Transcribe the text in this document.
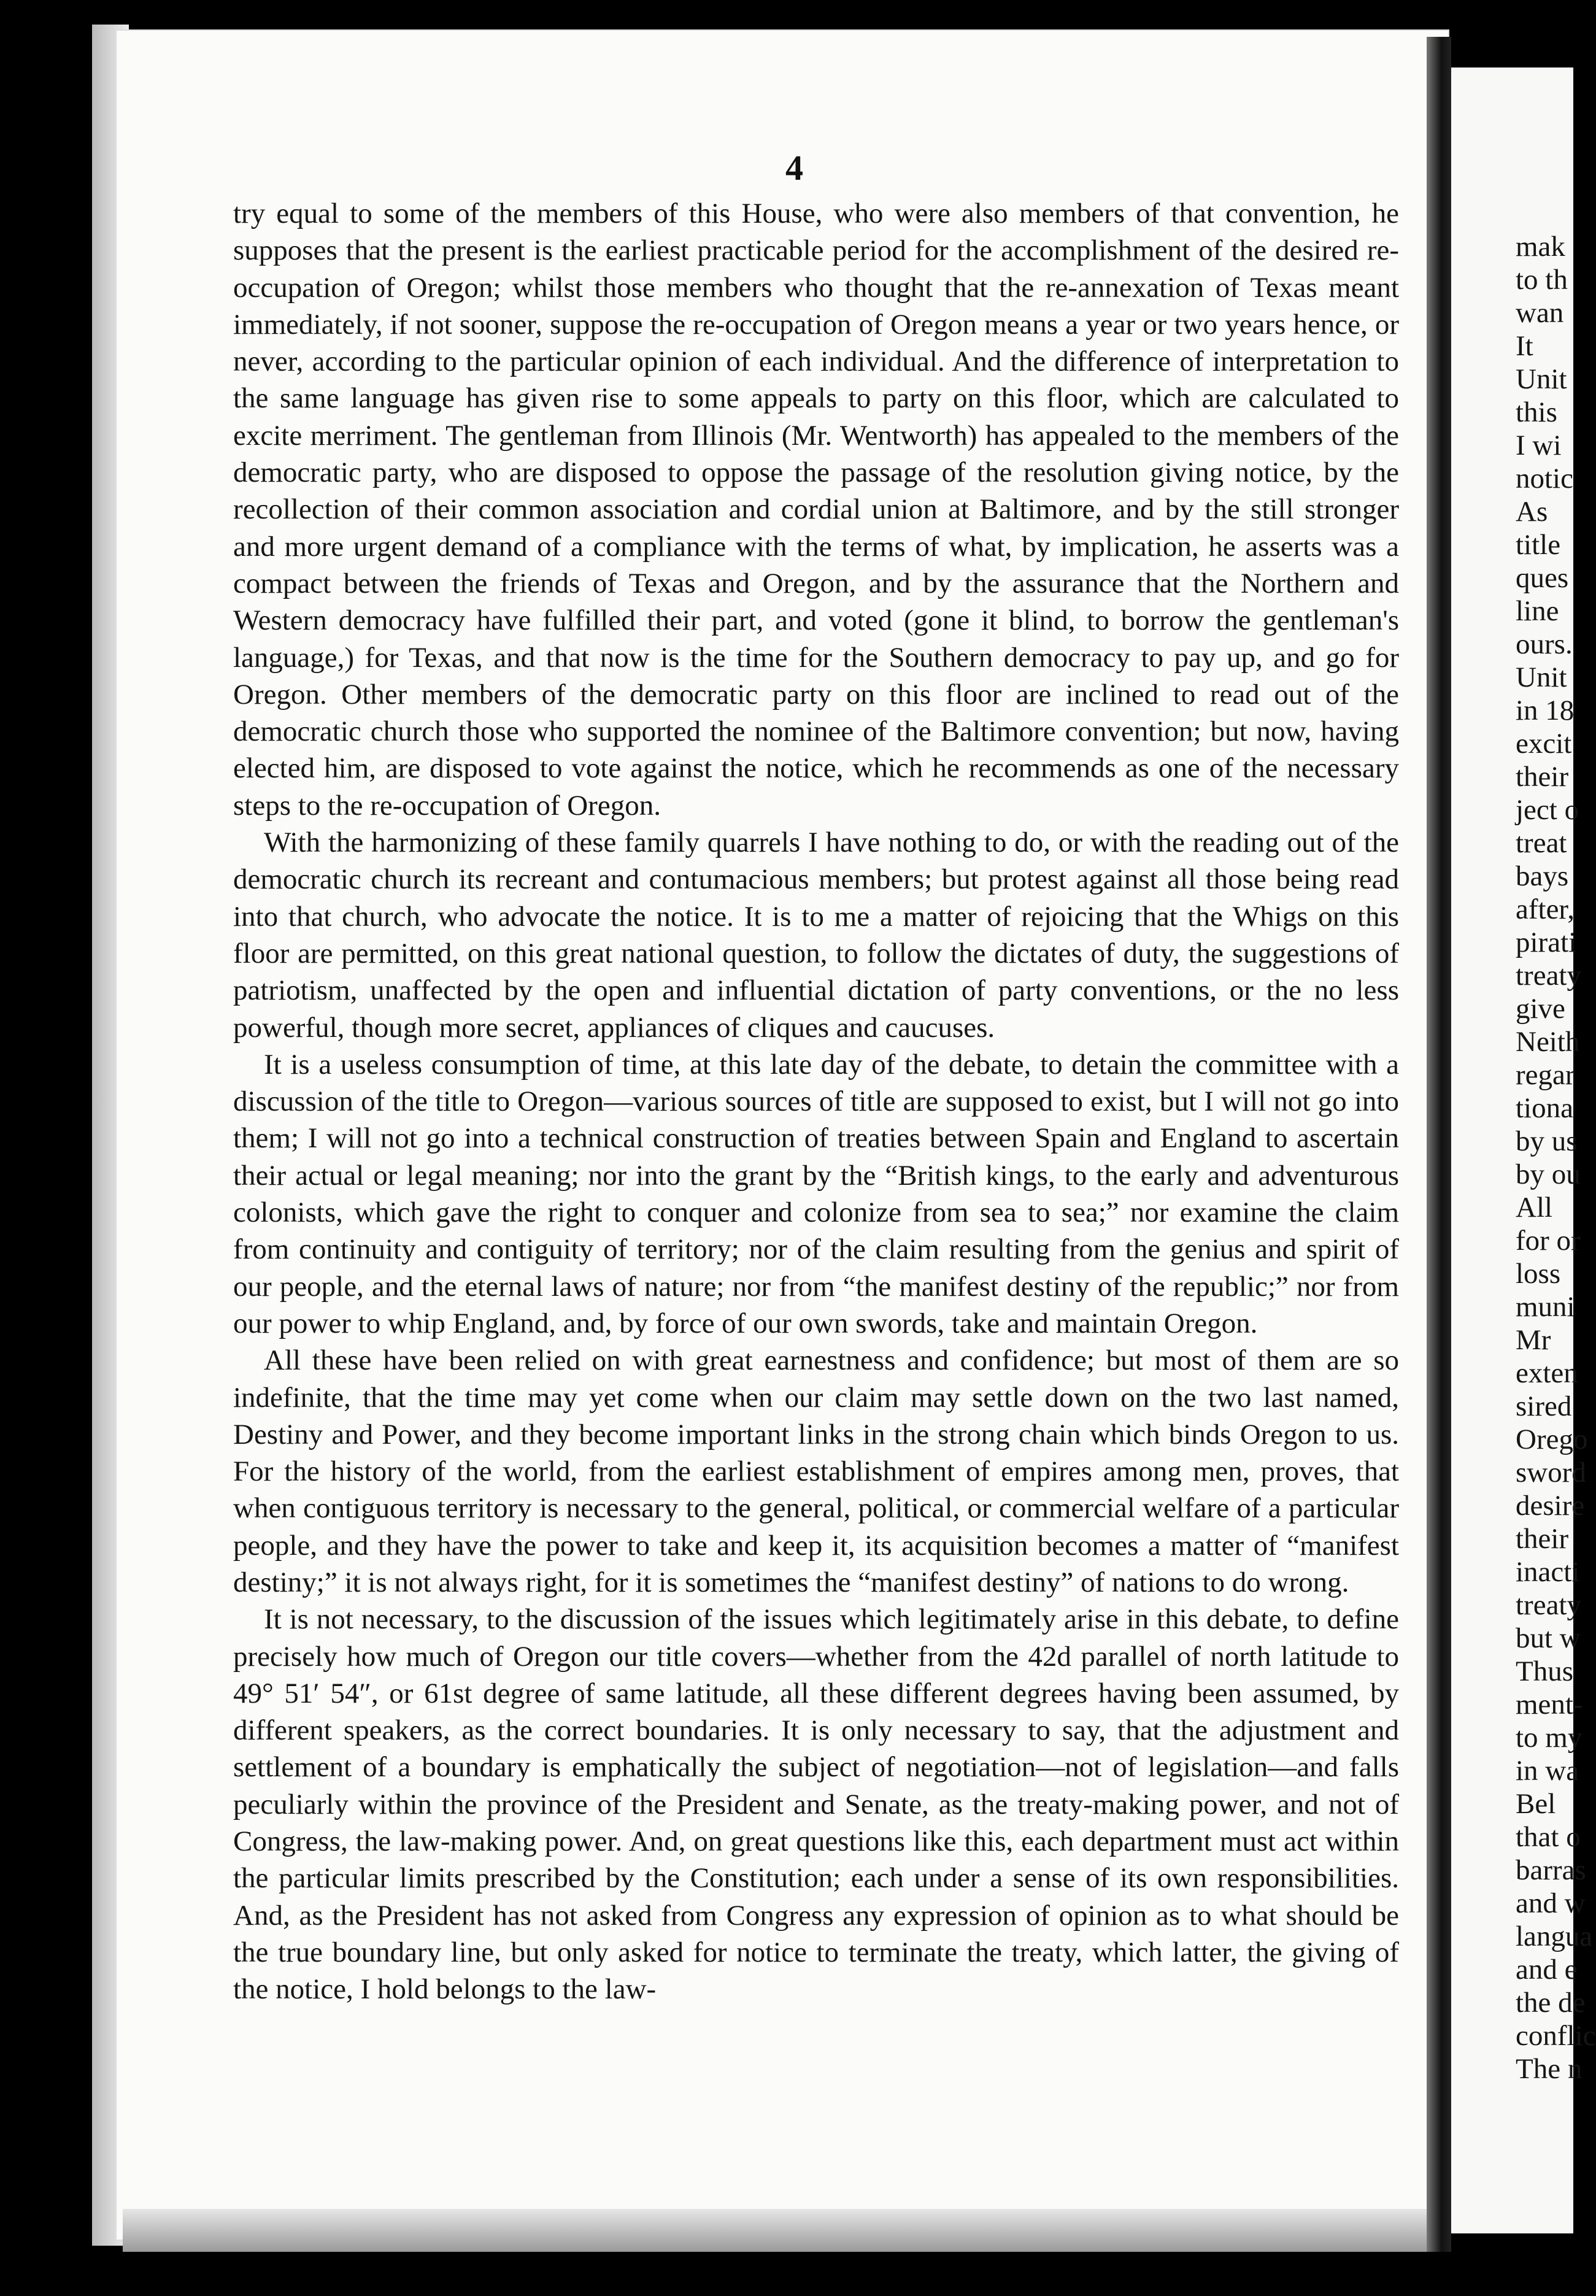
4

try equal to some of the members of this House, who were also members of that convention, he supposes that the present is the earliest practicable period for the accomplishment of the desired re-occupation of Oregon; whilst those members who thought that the re-annexation of Texas meant immediately, if not sooner, suppose the re-occupation of Oregon means a year or two years hence, or never, according to the particular opinion of each individual. And the difference of interpretation to the same language has given rise to some appeals to party on this floor, which are calculated to excite merriment. The gentleman from Illinois (Mr. Wentworth) has appealed to the members of the democratic party, who are disposed to oppose the passage of the resolution giving notice, by the recollection of their common association and cordial union at Baltimore, and by the still stronger and more urgent demand of a compliance with the terms of what, by implication, he asserts was a compact between the friends of Texas and Oregon, and by the assurance that the Northern and Western democracy have fulfilled their part, and voted (gone it blind, to borrow the gentleman's language,) for Texas, and that now is the time for the Southern democracy to pay up, and go for Oregon. Other members of the democratic party on this floor are inclined to read out of the democratic church those who supported the nominee of the Baltimore convention; but now, having elected him, are disposed to vote against the notice, which he recommends as one of the necessary steps to the re-occupation of Oregon.

With the harmonizing of these family quarrels I have nothing to do, or with the reading out of the democratic church its recreant and contumacious members; but protest against all those being read into that church, who advocate the notice. It is to me a matter of rejoicing that the Whigs on this floor are permitted, on this great national question, to follow the dictates of duty, the suggestions of patriotism, unaffected by the open and influential dictation of party conventions, or the no less powerful, though more secret, appliances of cliques and caucuses.

It is a useless consumption of time, at this late day of the debate, to detain the committee with a discussion of the title to Oregon—various sources of title are supposed to exist, but I will not go into them; I will not go into a technical construction of treaties between Spain and England to ascertain their actual or legal meaning; nor into the grant by the “British kings, to the early and adventurous colonists, which gave the right to conquer and colonize from sea to sea;” nor examine the claim from continuity and contiguity of territory; nor of the claim resulting from the genius and spirit of our people, and the eternal laws of nature; nor from “the manifest destiny of the republic;” nor from our power to whip England, and, by force of our own swords, take and maintain Oregon.

All these have been relied on with great earnestness and confidence; but most of them are so indefinite, that the time may yet come when our claim may settle down on the two last named, Destiny and Power, and they become important links in the strong chain which binds Oregon to us. For the history of the world, from the earliest establishment of empires among men, proves, that when contiguous territory is necessary to the general, political, or commercial welfare of a particular people, and they have the power to take and keep it, its acquisition becomes a matter of “manifest destiny;” it is not always right, for it is sometimes the “manifest destiny” of nations to do wrong.

It is not necessary, to the discussion of the issues which legitimately arise in this debate, to define precisely how much of Oregon our title covers—whether from the 42d parallel of north latitude to 49° 51′ 54″, or 61st degree of same latitude, all these different degrees having been assumed, by different speakers, as the correct boundaries. It is only necessary to say, that the adjustment and settlement of a boundary is emphatically the subject of negotiation—not of legislation—and falls peculiarly within the province of the President and Senate, as the treaty-making power, and not of Congress, the law-making power. And, on great questions like this, each department must act within the particular limits prescribed by the Constitution; each under a sense of its own responsibilities. And, as the President has not asked from Congress any expression of opinion as to what should be the true boundary line, but only asked for notice to terminate the treaty, which latter, the giving of the notice, I hold belongs to the law-

mak
to th
wan
It
Unit
this
I wi
notic
As
title
ques
line
ours.
Unit
in 18
excit
their
ject o
treat
bays
after,
pirati
treaty
give
Neith
regar
tiona
by us
by ou
All
for or
loss
muni
Mr
exten
sired
Orego
sword
desire
their
inacti
treaty
but w
Thus
ment-
to my
in wa
Bel
that o
barras
and w
langua
and e
the de
conflic
The n
